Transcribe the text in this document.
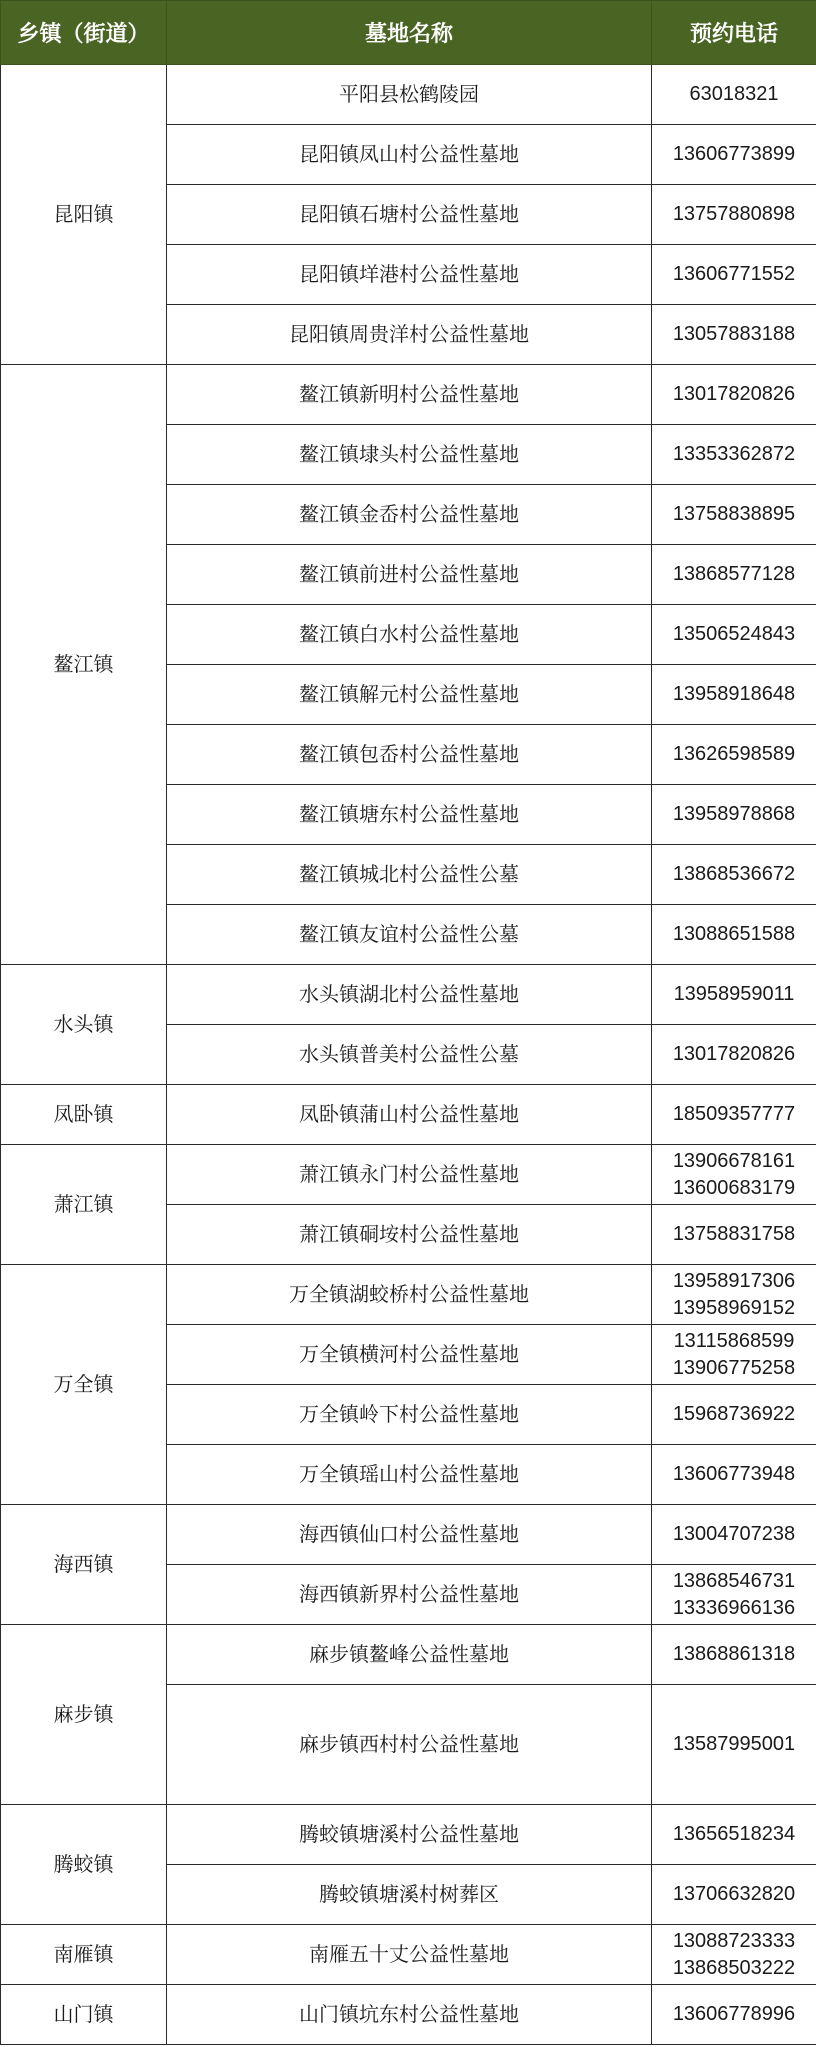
乡镇（街道）	墓地名称	预约电话
昆阳镇	平阳县松鹤陵园	63018321

	昆阳镇凤山村公益性墓地	13606773899

	昆阳镇石塘村公益性墓地	13757880898

	昆阳镇垟港村公益性墓地	13606771552

	昆阳镇周贵洋村公益性墓地	13057883188

鳌江镇	鳌江镇新明村公益性墓地	13017820826

	鳌江镇埭头村公益性墓地	13353362872

	鳌江镇金岙村公益性墓地	13758838895

	鳌江镇前进村公益性墓地	13868577128

	鳌江镇白水村公益性墓地	13506524843

	鳌江镇解元村公益性墓地	13958918648

	鳌江镇包岙村公益性墓地	13626598589

	鳌江镇塘东村公益性墓地	13958978868

	鳌江镇城北村公益性公墓	13868536672

	鳌江镇友谊村公益性公墓	13088651588

水头镇	水头镇湖北村公益性墓地	13958959011

	水头镇普美村公益性公墓	13017820826

凤卧镇	凤卧镇蒲山村公益性墓地	18509357777

萧江镇	萧江镇永门村公益性墓地	13906678161
13600683179

	萧江镇硐垵村公益性墓地	13758831758

万全镇	万全镇湖蛟桥村公益性墓地	13958917306
13958969152

	万全镇横河村公益性墓地	13115868599
13906775258

	万全镇岭下村公益性墓地	15968736922

	万全镇瑶山村公益性墓地	13606773948

海西镇	海西镇仙口村公益性墓地	13004707238

	海西镇新界村公益性墓地	13868546731
13336966136

麻步镇	麻步镇鳌峰公益性墓地	13868861318

	麻步镇西村村公益性墓地	13587995001

腾蛟镇	腾蛟镇塘溪村公益性墓地	13656518234

	腾蛟镇塘溪村树葬区	13706632820

南雁镇	南雁五十丈公益性墓地	13088723333
13868503222

山门镇	山门镇坑东村公益性墓地	13606778996
